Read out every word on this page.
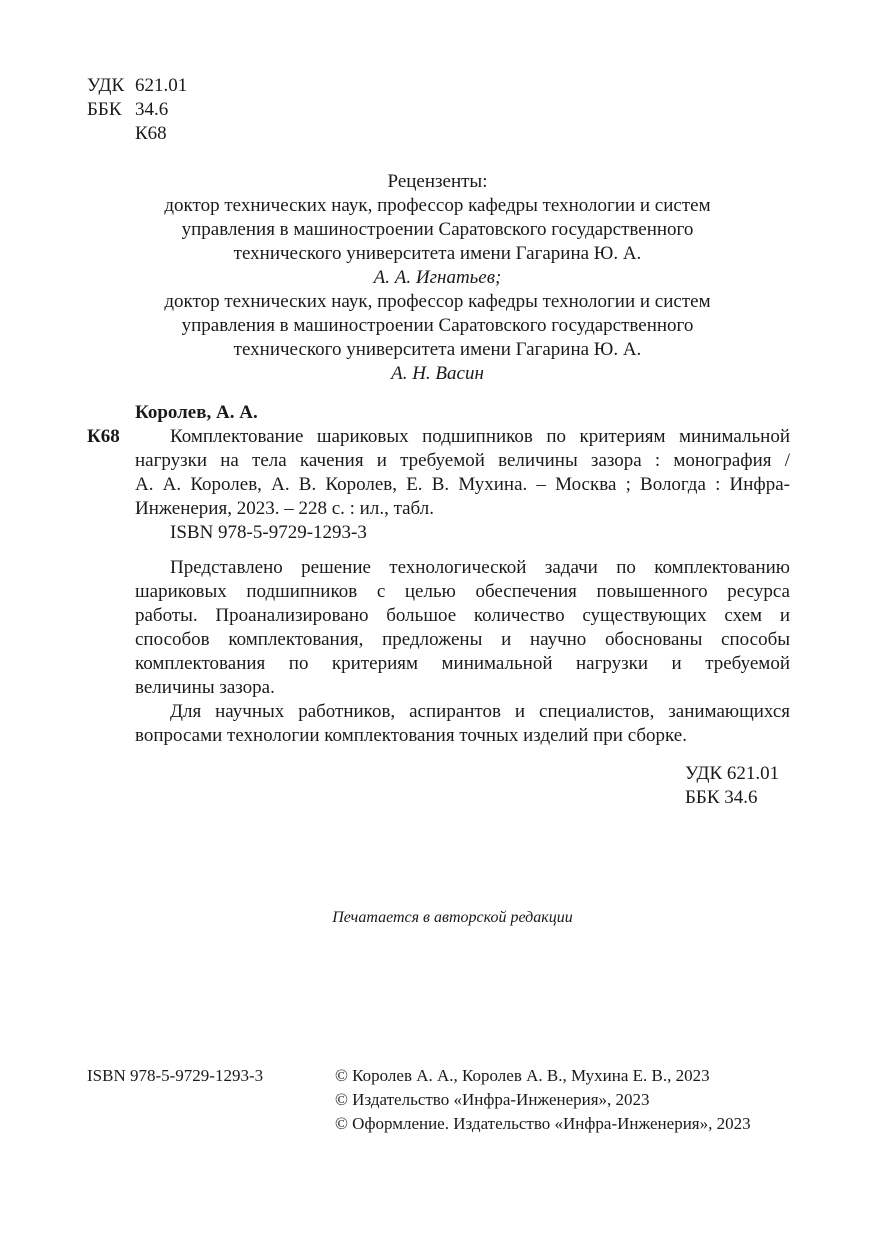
УДК 621.01
ББК 34.6
К68
Рецензенты:
доктор технических наук, профессор кафедры технологии и систем
управления в машиностроении Саратовского государственного
технического университета имени Гагарина Ю. А.
А. А. Игнатьев;
доктор технических наук, профессор кафедры технологии и систем
управления в машиностроении Саратовского государственного
технического университета имени Гагарина Ю. А.
А. Н. Васин
Королев, А. А.
К68	Комплектование шариковых подшипников по критериям минимальной
нагрузки на тела качения и требуемой величины зазора : монография /
А. А. Королев, А. В. Королев, Е. В. Мухина. – Москва ; Вологда : Инфра-
Инженерия, 2023. – 228 с. : ил., табл.
ISBN 978-5-9729-1293-3
Представлено решение технологической задачи по комплектованию
шариковых подшипников с целью обеспечения повышенного ресурса
работы. Проанализировано большое количество существующих схем и
способов комплектования, предложены и научно обоснованы способы
комплектования по критериям минимальной нагрузки и требуемой
величины зазора.
Для научных работников, аспирантов и специалистов, занимающихся
вопросами технологии комплектования точных изделий при сборке.
УДК 621.01
ББК 34.6
Печатается в авторской редакции
ISBN 978-5-9729-1293-3	© Королев А. А., Королев А. В., Мухина Е. В., 2023
© Издательство «Инфра-Инженерия», 2023
© Оформление. Издательство «Инфра-Инженерия», 2023
